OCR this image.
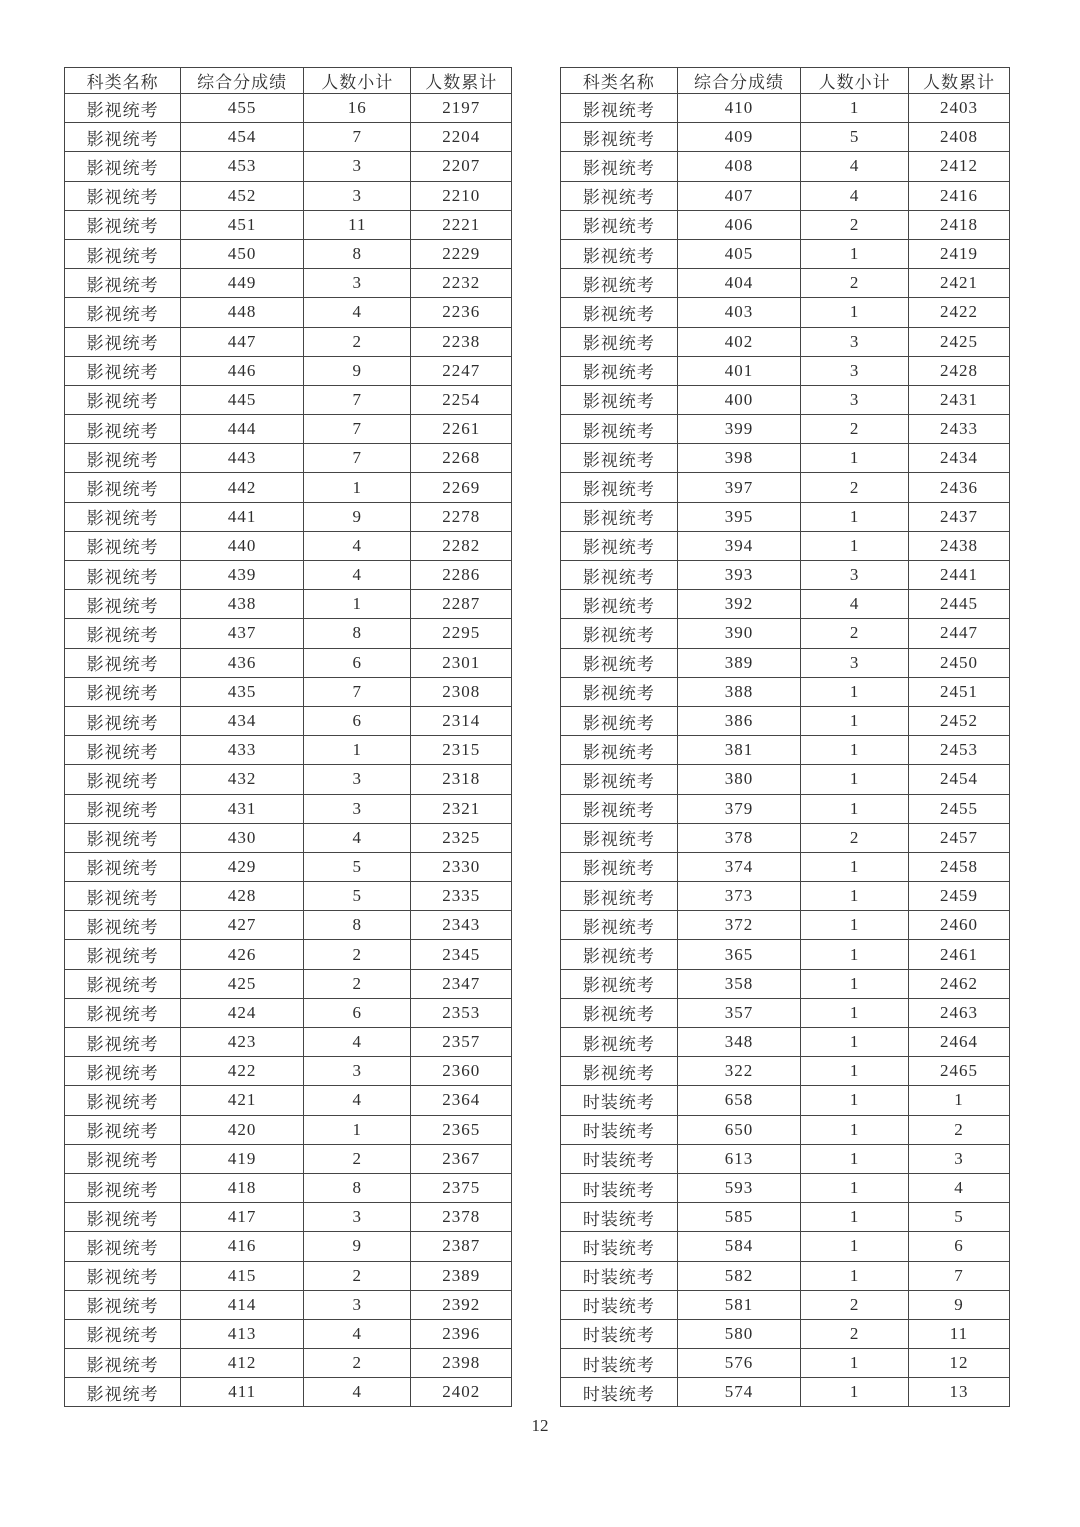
科类名称	综合分成绩	人数小计	人数累计
影视统考	455	16	2197
影视统考	454	7	2204
影视统考	453	3	2207
影视统考	452	3	2210
影视统考	451	11	2221
影视统考	450	8	2229
影视统考	449	3	2232
影视统考	448	4	2236
影视统考	447	2	2238
影视统考	446	9	2247
影视统考	445	7	2254
影视统考	444	7	2261
影视统考	443	7	2268
影视统考	442	1	2269
影视统考	441	9	2278
影视统考	440	4	2282
影视统考	439	4	2286
影视统考	438	1	2287
影视统考	437	8	2295
影视统考	436	6	2301
影视统考	435	7	2308
影视统考	434	6	2314
影视统考	433	1	2315
影视统考	432	3	2318
影视统考	431	3	2321
影视统考	430	4	2325
影视统考	429	5	2330
影视统考	428	5	2335
影视统考	427	8	2343
影视统考	426	2	2345
影视统考	425	2	2347
影视统考	424	6	2353
影视统考	423	4	2357
影视统考	422	3	2360
影视统考	421	4	2364
影视统考	420	1	2365
影视统考	419	2	2367
影视统考	418	8	2375
影视统考	417	3	2378
影视统考	416	9	2387
影视统考	415	2	2389
影视统考	414	3	2392
影视统考	413	4	2396
影视统考	412	2	2398
影视统考	411	4	2402
科类名称	综合分成绩	人数小计	人数累计
影视统考	410	1	2403
影视统考	409	5	2408
影视统考	408	4	2412
影视统考	407	4	2416
影视统考	406	2	2418
影视统考	405	1	2419
影视统考	404	2	2421
影视统考	403	1	2422
影视统考	402	3	2425
影视统考	401	3	2428
影视统考	400	3	2431
影视统考	399	2	2433
影视统考	398	1	2434
影视统考	397	2	2436
影视统考	395	1	2437
影视统考	394	1	2438
影视统考	393	3	2441
影视统考	392	4	2445
影视统考	390	2	2447
影视统考	389	3	2450
影视统考	388	1	2451
影视统考	386	1	2452
影视统考	381	1	2453
影视统考	380	1	2454
影视统考	379	1	2455
影视统考	378	2	2457
影视统考	374	1	2458
影视统考	373	1	2459
影视统考	372	1	2460
影视统考	365	1	2461
影视统考	358	1	2462
影视统考	357	1	2463
影视统考	348	1	2464
影视统考	322	1	2465
时装统考	658	1	1
时装统考	650	1	2
时装统考	613	1	3
时装统考	593	1	4
时装统考	585	1	5
时装统考	584	1	6
时装统考	582	1	7
时装统考	581	2	9
时装统考	580	2	11
时装统考	576	1	12
时装统考	574	1	13
12
